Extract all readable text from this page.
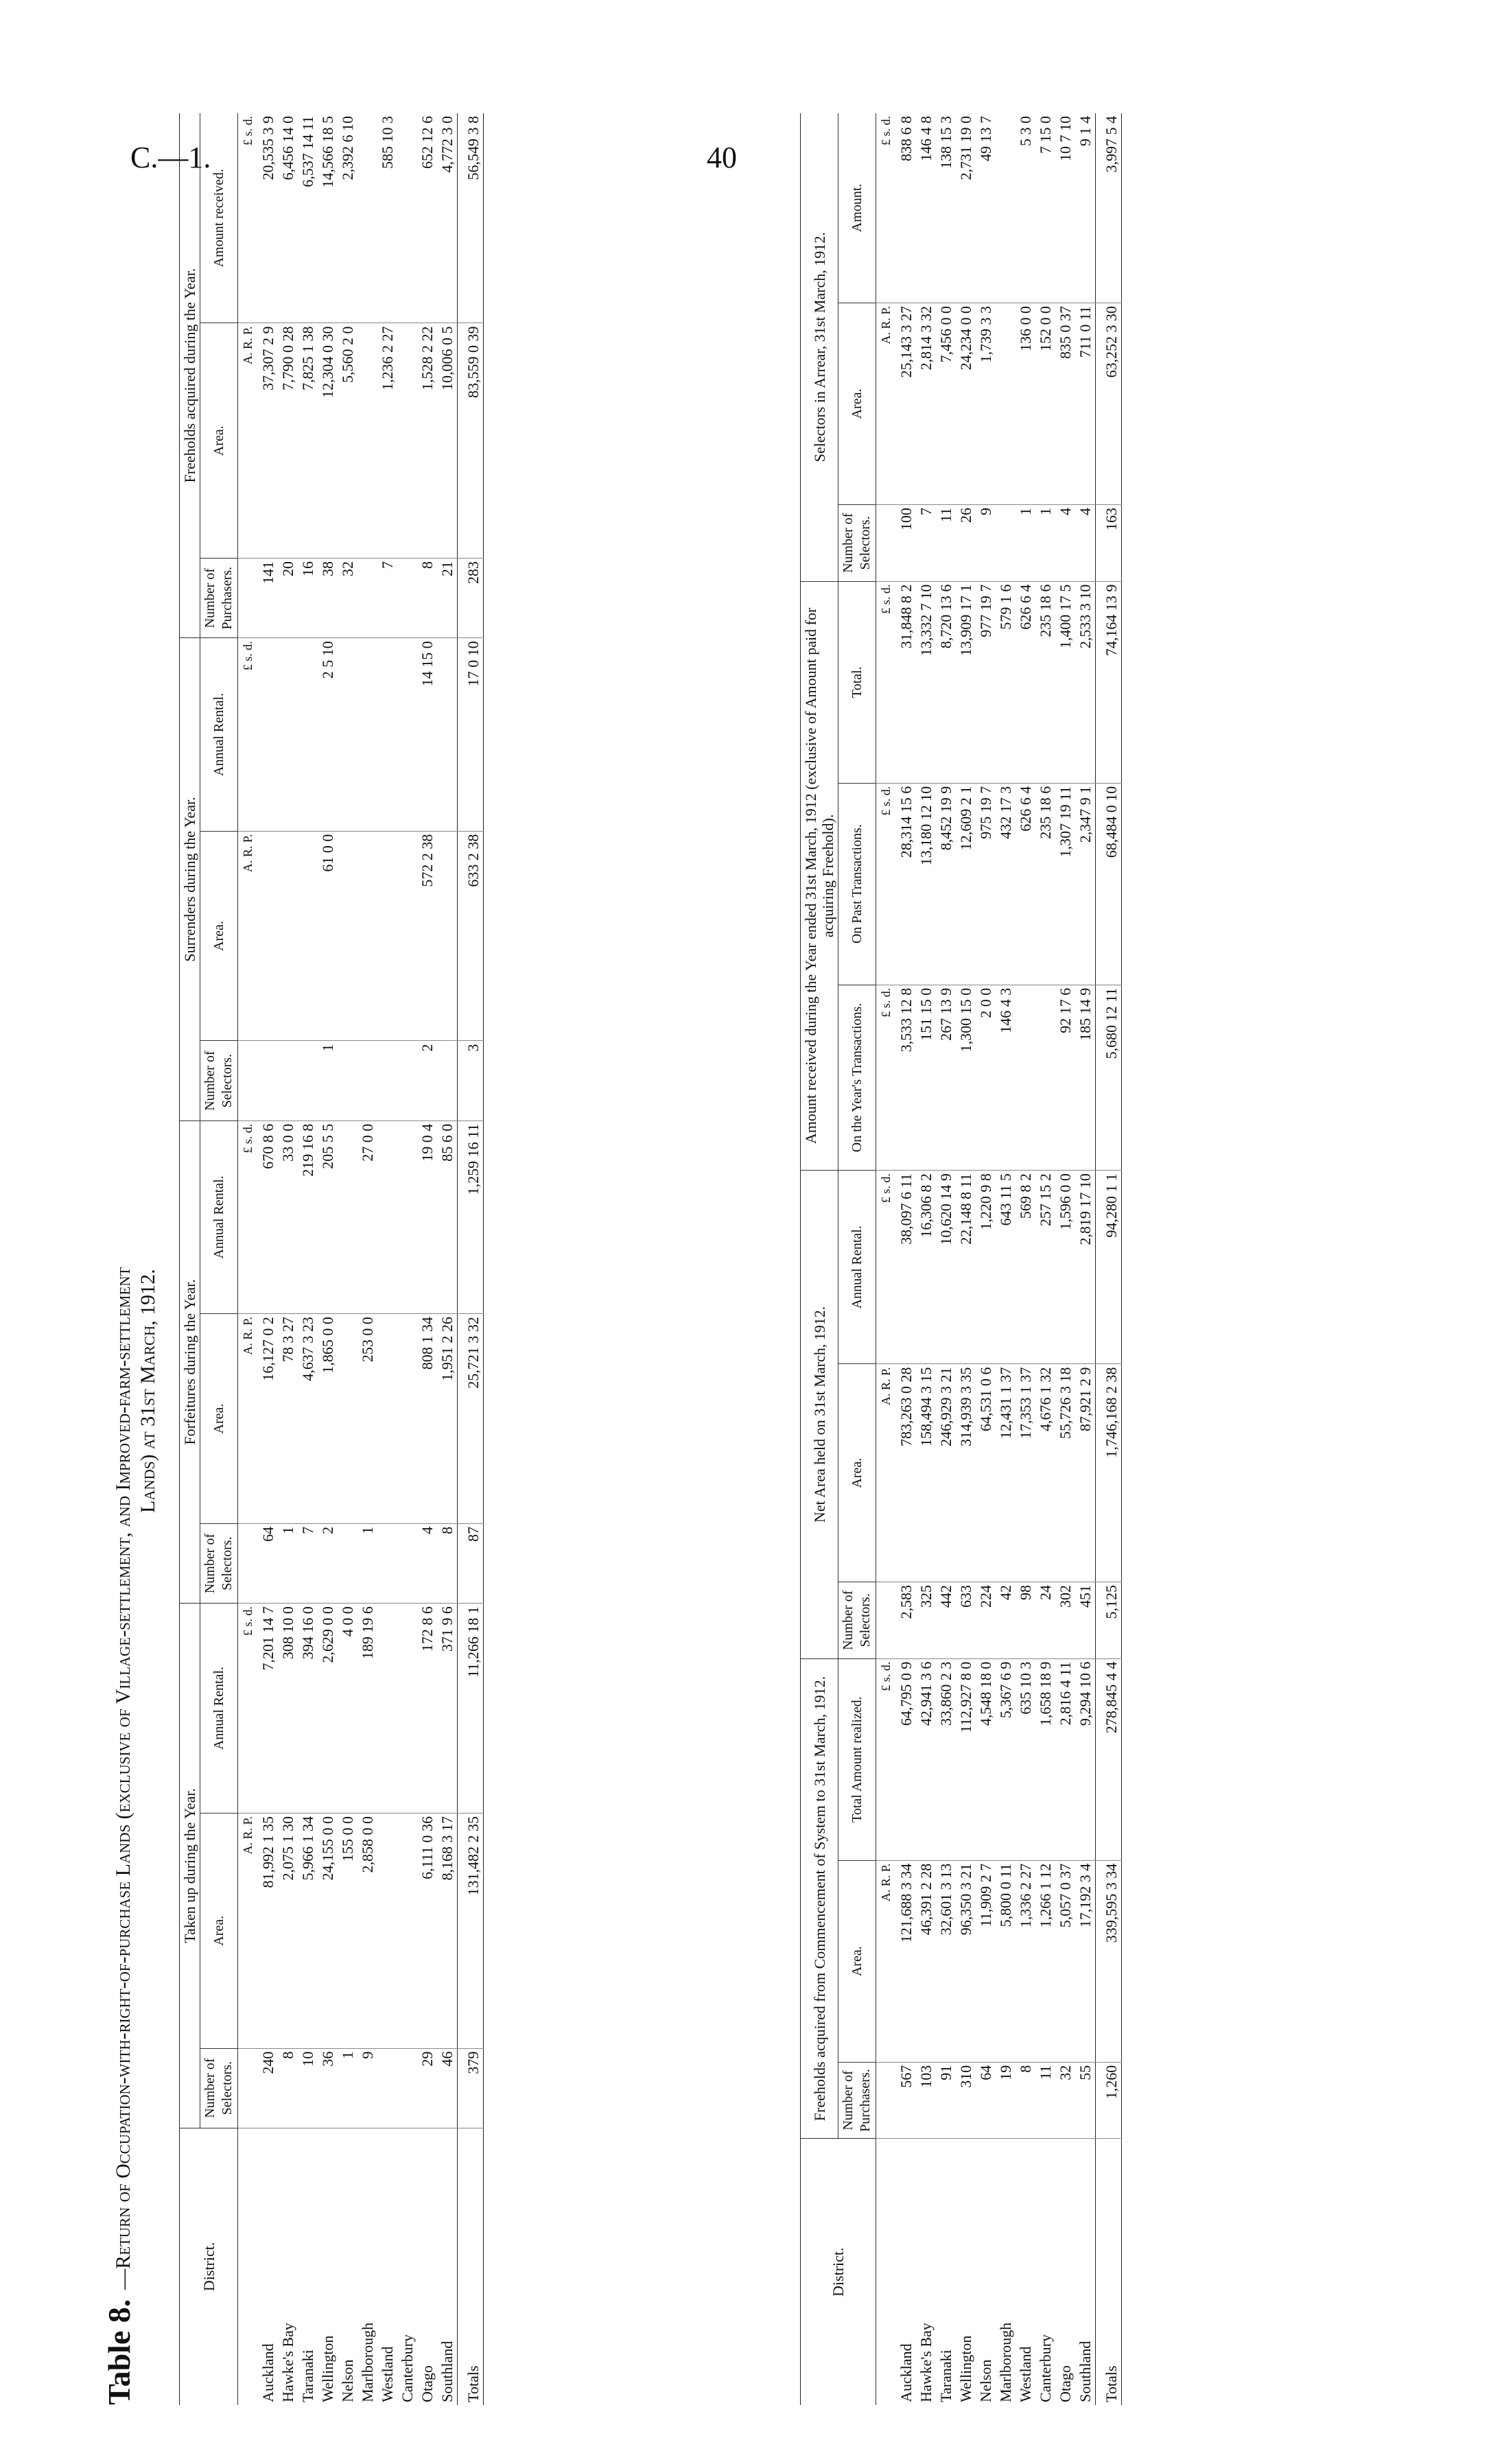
C.—1.	40
Table 8.—Return of Occupation-with-right-of-purchase Lands (exclusive of Village-settlement, and Improved-farm-settlement Lands) at 31st March, 1912.
District.	Taken up during the Year.			Forfeitures during the Year.			Surrenders during the Year.			Freeholds acquired during the Year.		
	Number of Selectors.	Area.	Annual Rental.	Number of Selectors.	Area.	Annual Rental.	Number of Selectors.	Area.	Annual Rental.	Number of Purchasers.	Area.	Amount received.
		A. R. P.	£ s. d.		A. R. P.	£ s. d.		A. R. P.	£ s. d.		A. R. P.	£ s. d.
Auckland	240	81,992 1 35	7,201 14 7	64	16,127 0 2	670 8 6				141	37,307 2 9	20,535 3 9
Hawke's Bay	8	2,075 1 30	308 10 0	1	78 3 27	33 0 0				20	7,790 0 28	6,456 14 0
Taranaki	10	5,966 1 34	394 16 0	7	4,637 3 23	219 16 8				16	7,825 1 38	6,537 14 11
Wellington	36	24,155 0 0	2,629 0 0	2	1,865 0 0	205 5 5	1	61 0 0	2 5 10	38	12,304 0 30	14,566 18 5
Nelson	1	155 0 0	4 0 0							32	5,560 2 0	2,392 6 10
Marlborough	9	2,858 0 0	189 19 6	1	253 0 0	27 0 0						
Westland										7	1,236 2 27	585 10 3
Canterbury												
Otago	29	6,111 0 36	172 8 6	4	808 1 34	19 0 4	2	572 2 38	14 15 0	8	1,528 2 22	652 12 6
Southland	46	8,168 3 17	371 9 6	8	1,951 2 26	85 6 0				21	10,006 0 5	4,772 3 0
Totals	379	131,482 2 35	11,266 18 1	87	25,721 3 32	1,259 16 11	3	633 2 38	17 0 10	283	83,559 0 39	56,549 3 8
District.	Freeholds acquired from Commencement of System to 31st March, 1912.			Net Area held on 31st March, 1912.			Amount received during the Year ended 31st March, 1912 (exclusive of Amount paid for acquiring Freehold).			Selectors in Arrear, 31st March, 1912.		
	Number of Purchasers.	Area.	Total Amount realized.	Number of Selectors.	Area.	Annual Rental.	On the Year's Transactions.	On Past Transactions.	Total.	Number of Selectors.	Area.	Amount.
		A. R. P.	£ s. d.		A. R. P.	£ s. d.	£ s. d.	£ s. d.	£ s. d.		A. R. P.	£ s. d.
Auckland	567	121,688 3 34	64,795 0 9	2,583	783,263 0 28	38,097 6 11	3,533 12 8	28,314 15 6	31,848 8 2	100	25,143 3 27	838 6 8
Hawke's Bay	103	46,391 2 28	42,941 3 6	325	158,494 3 15	16,306 8 2	151 15 0	13,180 12 10	13,332 7 10	7	2,814 3 32	146 4 8
Taranaki	91	32,601 3 13	33,860 2 3	442	246,929 3 21	10,620 14 9	267 13 9	8,452 19 9	8,720 13 6	11	7,456 0 0	138 15 3
Wellington	310	96,350 3 21	112,927 8 0	633	314,939 3 35	22,148 8 11	1,300 15 0	12,609 2 1	13,909 17 1	26	24,234 0 0	2,731 19 0
Nelson	64	11,909 2 7	4,548 18 0	224	64,531 0 6	1,220 9 8	2 0 0	975 19 7	977 19 7	9	1,739 3 3	49 13 7
Marlborough	19	5,800 0 11	5,367 6 9	42	12,431 1 37	643 11 5	146 4 3	432 17 3	579 1 6			
Westland	8	1,336 2 27	635 10 3	98	17,353 1 37	569 8 2		626 6 4	626 6 4	1	136 0 0	5 3 0
Canterbury	11	1,266 1 12	1,658 18 9	24	4,676 1 32	257 15 2		235 18 6	235 18 6	1	152 0 0	7 15 0
Otago	32	5,057 0 37	2,816 4 11	302	55,726 3 18	1,596 0 0	92 17 6	1,307 19 11	1,400 17 5	4	835 0 37	10 7 10
Southland	55	17,192 3 4	9,294 10 6	451	87,921 2 9	2,819 17 10	185 14 9	2,347 9 1	2,533 3 10	4	711 0 11	9 1 4
Totals	1,260	339,595 3 34	278,845 4 4	5,125	1,746,168 2 38	94,280 1 1	5,680 12 11	68,484 0 10	74,164 13 9	163	63,252 3 30	3,997 5 4
